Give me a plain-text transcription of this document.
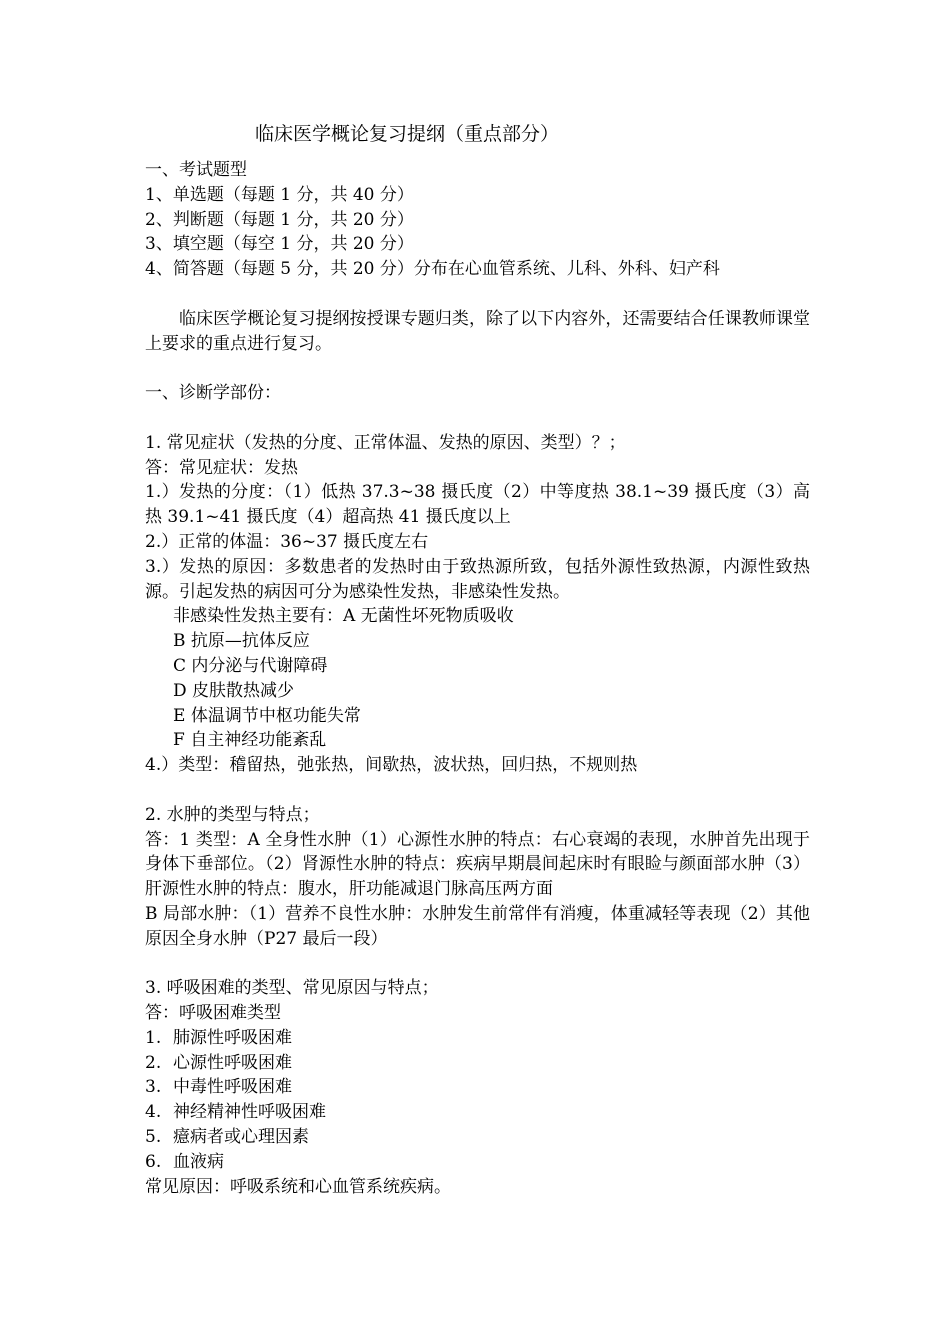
临床医学概论复习提纲（重点部分）
一、考试题型
1、单选题（每题 1 分，共 40 分）
2、判断题（每题 1 分，共 20 分）
3、填空题（每空 1 分，共 20 分）
4、简答题（每题 5 分，共 20 分）分布在心血管系统、儿科、外科、妇产科
临床医学概论复习提纲按授课专题归类，除了以下内容外，还需要结合任课教师课堂上要求的重点进行复习。
一、诊断学部份：
1. 常见症状（发热的分度、正常体温、发热的原因、类型）？；
答：常见症状：发热
1.）发热的分度：（1）低热 37.3~38 摄氏度（2）中等度热 38.1~39 摄氏度（3）高热 39.1~41 摄氏度（4）超高热 41 摄氏度以上
2.）正常的体温：36~37 摄氏度左右
3.）发热的原因：多数患者的发热时由于致热源所致，包括外源性致热源，内源性致热源。引起发热的病因可分为感染性发热，非感染性发热。
非感染性发热主要有：A 无菌性坏死物质吸收
B 抗原—抗体反应
C 内分泌与代谢障碍
D 皮肤散热减少
E 体温调节中枢功能失常
F 自主神经功能紊乱
4.）类型：稽留热，弛张热，间歇热，波状热，回归热，不规则热
2. 水肿的类型与特点；
答：1 类型：A 全身性水肿（1）心源性水肿的特点：右心衰竭的表现，水肿首先出现于身体下垂部位。（2）肾源性水肿的特点：疾病早期晨间起床时有眼睑与颜面部水肿（3）肝源性水肿的特点：腹水，肝功能减退门脉高压两方面
B 局部水肿：（1）营养不良性水肿：水肿发生前常伴有消瘦，体重减轻等表现（2）其他原因全身水肿（P27 最后一段）
3. 呼吸困难的类型、常见原因与特点；
答：呼吸困难类型
1. 肺源性呼吸困难
2. 心源性呼吸困难
3. 中毒性呼吸困难
4. 神经精神性呼吸困难
5. 癔病者或心理因素
6. 血液病
常见原因：呼吸系统和心血管系统疾病。
